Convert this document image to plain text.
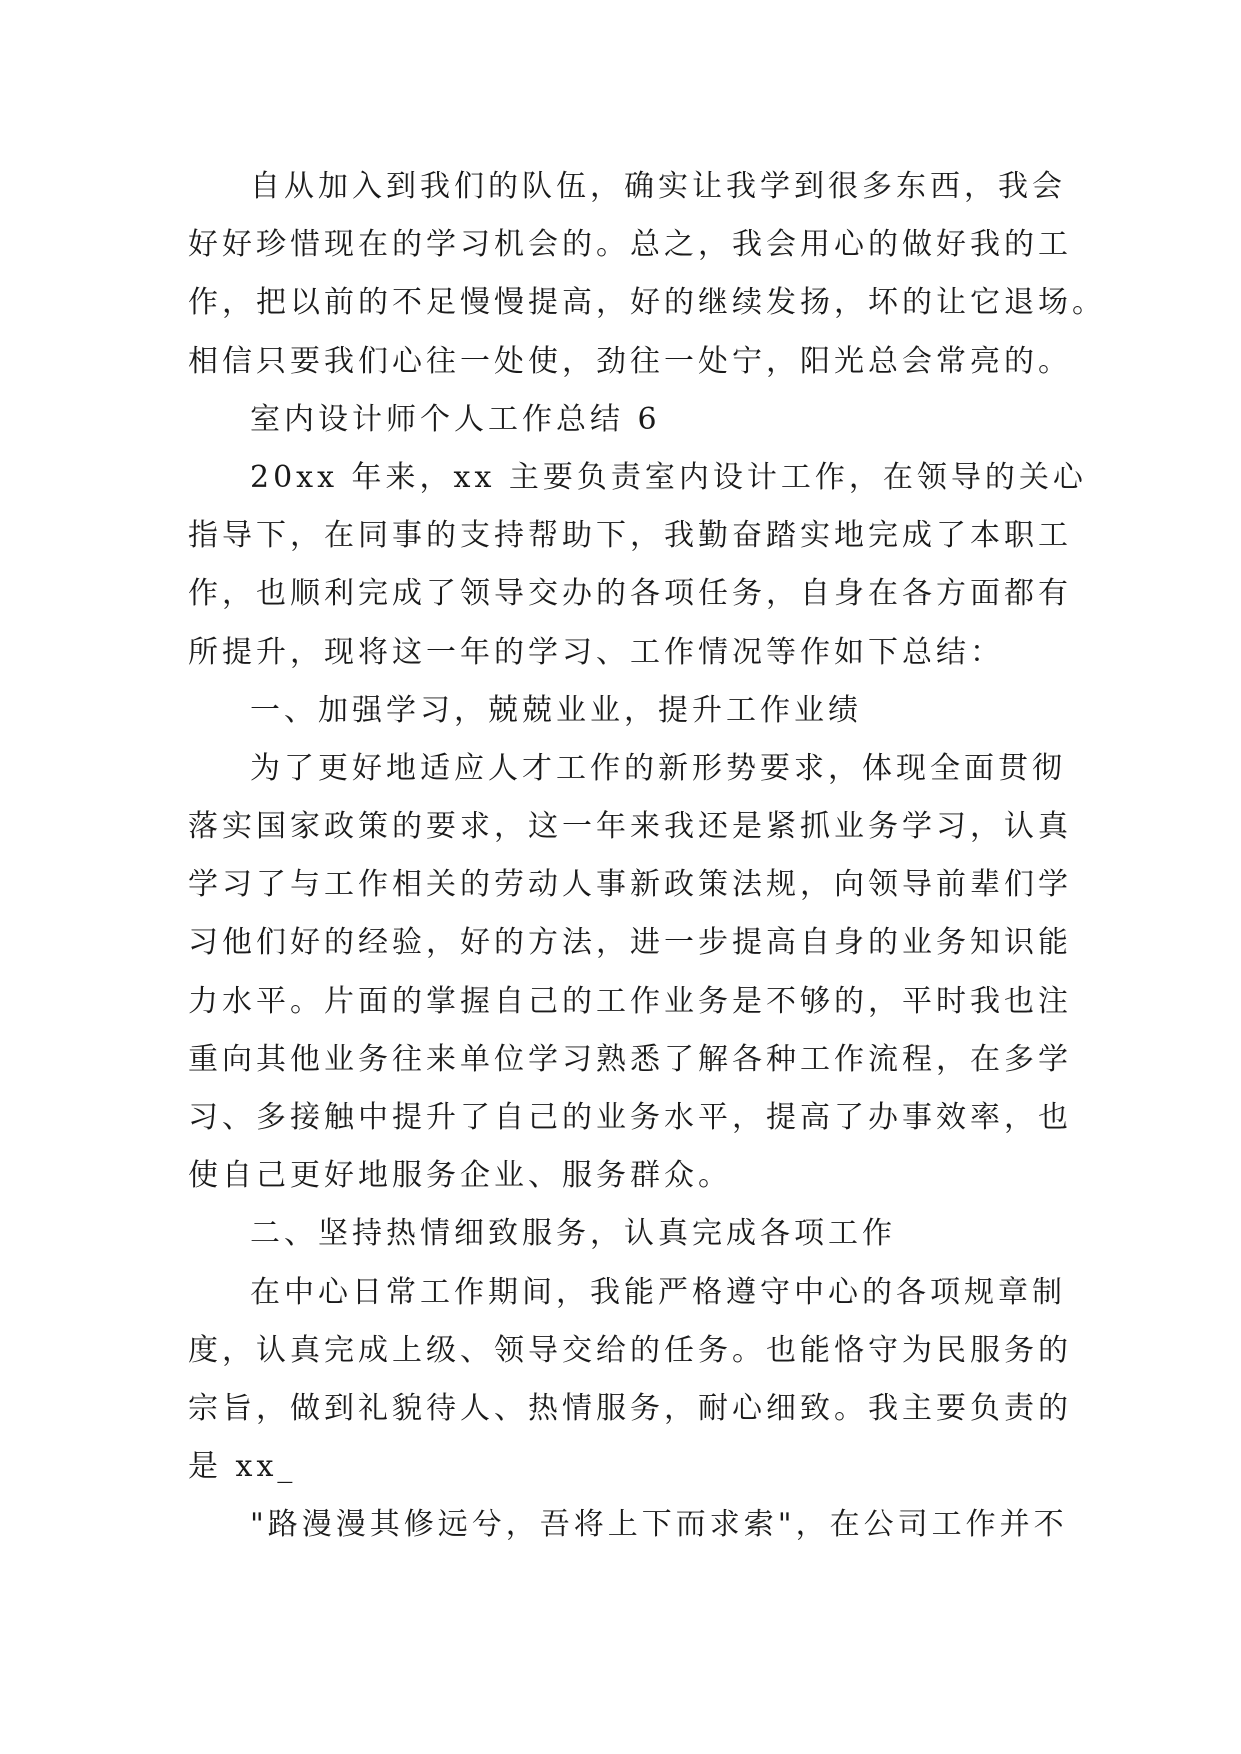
自从加入到我们的队伍，确实让我学到很多东西，我会
好好珍惜现在的学习机会的。总之，我会用心的做好我的工
作，把以前的不足慢慢提高，好的继续发扬，坏的让它退场。
相信只要我们心往一处使，劲往一处宁，阳光总会常亮的。
室内设计师个人工作总结 6
20xx 年来，xx 主要负责室内设计工作，在领导的关心
指导下，在同事的支持帮助下，我勤奋踏实地完成了本职工
作，也顺利完成了领导交办的各项任务，自身在各方面都有
所提升，现将这一年的学习、工作情况等作如下总结：
一、加强学习，兢兢业业，提升工作业绩
为了更好地适应人才工作的新形势要求，体现全面贯彻
落实国家政策的要求，这一年来我还是紧抓业务学习，认真
学习了与工作相关的劳动人事新政策法规，向领导前辈们学
习他们好的经验，好的方法，进一步提高自身的业务知识能
力水平。片面的掌握自己的工作业务是不够的，平时我也注
重向其他业务往来单位学习熟悉了解各种工作流程，在多学
习、多接触中提升了自己的业务水平，提高了办事效率，也
使自己更好地服务企业、服务群众。
二、坚持热情细致服务，认真完成各项工作
在中心日常工作期间，我能严格遵守中心的各项规章制
度，认真完成上级、领导交给的任务。也能恪守为民服务的
宗旨，做到礼貌待人、热情服务，耐心细致。我主要负责的
是 xx_
"路漫漫其修远兮，吾将上下而求索"，在公司工作并不
